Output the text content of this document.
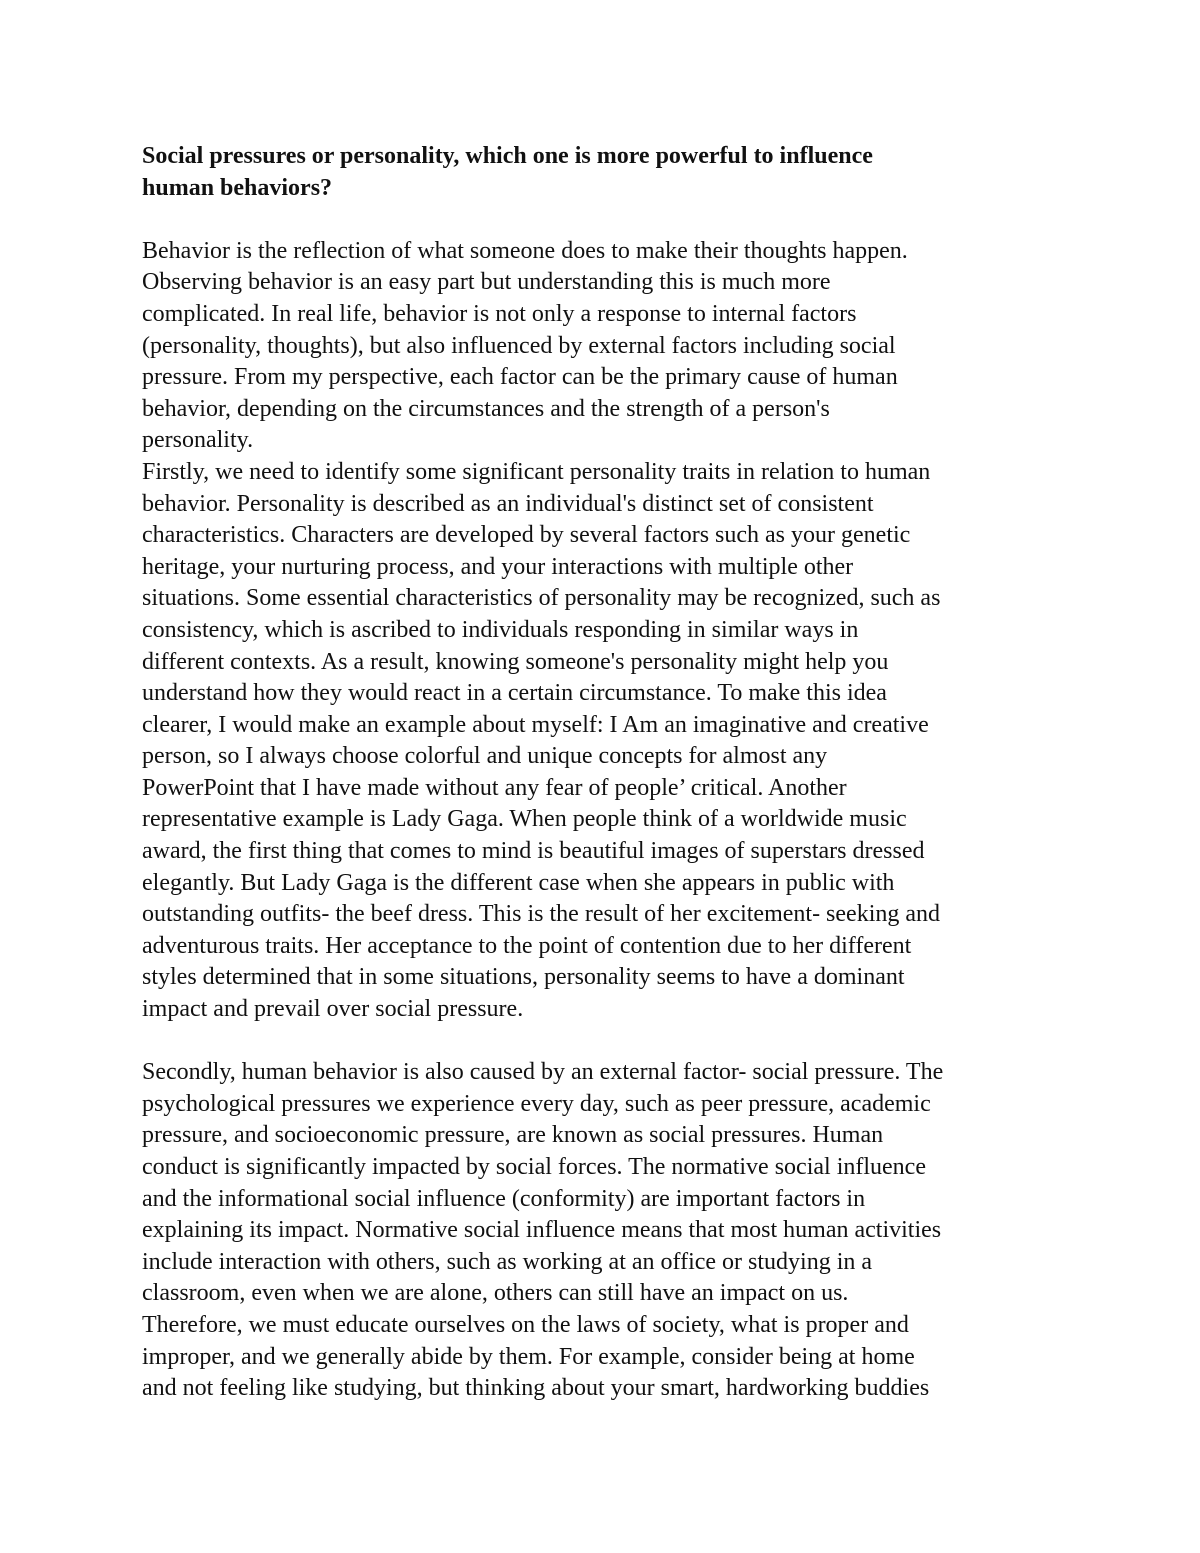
Social pressures or personality, which one is more powerful to influence
human behaviors?

Behavior is the reflection of what someone does to make their thoughts happen.
Observing behavior is an easy part but understanding this is much more
complicated. In real life, behavior is not only a response to internal factors
(personality, thoughts), but also influenced by external factors including social
pressure. From my perspective, each factor can be the primary cause of human
behavior, depending on the circumstances and the strength of a person's
personality.

Firstly, we need to identify some significant personality traits in relation to human
behavior. Personality is described as an individual's distinct set of consistent
characteristics. Characters are developed by several factors such as your genetic
heritage, your nurturing process, and your interactions with multiple other
situations. Some essential characteristics of personality may be recognized, such as
consistency, which is ascribed to individuals responding in similar ways in
different contexts. As a result, knowing someone's personality might help you
understand how they would react in a certain circumstance. To make this idea
clearer, I would make an example about myself: I Am an imaginative and creative
person, so I always choose colorful and unique concepts for almost any
PowerPoint that I have made without any fear of people’ critical. Another
representative example is Lady Gaga. When people think of a worldwide music
award, the first thing that comes to mind is beautiful images of superstars dressed
elegantly. But Lady Gaga is the different case when she appears in public with
outstanding outfits- the beef dress. This is the result of her excitement- seeking and
adventurous traits. Her acceptance to the point of contention due to her different
styles determined that in some situations, personality seems to have a dominant
impact and prevail over social pressure.

Secondly, human behavior is also caused by an external factor- social pressure. The
psychological pressures we experience every day, such as peer pressure, academic
pressure, and socioeconomic pressure, are known as social pressures. Human
conduct is significantly impacted by social forces. The normative social influence
and the informational social influence (conformity) are important factors in
explaining its impact. Normative social influence means that most human activities
include interaction with others, such as working at an office or studying in a
classroom, even when we are alone, others can still have an impact on us.
Therefore, we must educate ourselves on the laws of society, what is proper and
improper, and we generally abide by them. For example, consider being at home
and not feeling like studying, but thinking about your smart, hardworking buddies
